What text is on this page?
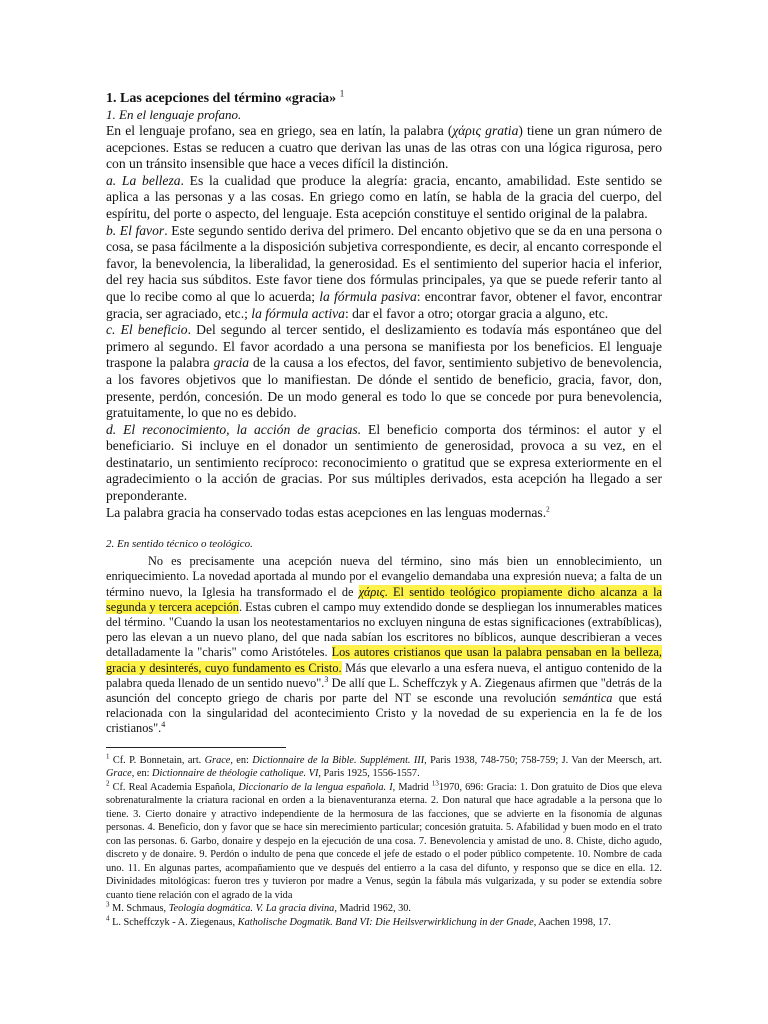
1. Las acepciones del término «gracia» $^1$

1. En el lenguaje profano.

En el lenguaje profano, sea en griego, sea en latín, la palabra (χάρις gratia) tiene un gran número de acepciones. Estas se reducen a cuatro que derivan las unas de las otras con una lógica rigurosa, pero con un tránsito insensible que hace a veces difícil la distinción.

a. La belleza. Es la cualidad que produce la alegría: gracia, encanto, amabilidad. Este sentido se aplica a las personas y a las cosas. En griego como en latín, se habla de la gracia del cuerpo, del espíritu, del porte o aspecto, del lenguaje. Esta acepción constituye el sentido original de la palabra.

b. El favor. Este segundo sentido deriva del primero. Del encanto objetivo que se da en una persona o cosa, se pasa fácilmente a la disposición subjetiva correspondiente, es decir, al encanto corresponde el favor, la benevolencia, la liberalidad, la generosidad. Es el sentimiento del superior hacia el inferior, del rey hacia sus súbditos. Este favor tiene dos fórmulas principales, ya que se puede referir tanto al que lo recibe como al que lo acuerda; la fórmula pasiva: encontrar favor, obtener el favor, encontrar gracia, ser agraciado, etc.; la fórmula activa: dar el favor a otro; otorgar gracia a alguno, etc.

c. El beneficio. Del segundo al tercer sentido, el deslizamiento es todavía más espontáneo que del primero al segundo. El favor acordado a una persona se manifiesta por los beneficios. El lenguaje traspone la palabra gracia de la causa a los efectos, del favor, sentimiento subjetivo de benevolencia, a los favores objetivos que lo manifiestan. De dónde el sentido de beneficio, gracia, favor, don, presente, perdón, concesión. De un modo general es todo lo que se concede por pura benevolencia, gratuitamente, lo que no es debido.

d. El reconocimiento, la acción de gracias. El beneficio comporta dos términos: el autor y el beneficiario. Si incluye en el donador un sentimiento de generosidad, provoca a su vez, en el destinatario, un sentimiento recíproco: reconocimiento o gratitud que se expresa exteriormente en el agradecimiento o la acción de gracias. Por sus múltiples derivados, esta acepción ha llegado a ser preponderante.

La palabra gracia ha conservado todas estas acepciones en las lenguas modernas.$^2$

2. En sentido técnico o teológico.

No es precisamente una acepción nueva del término, sino más bien un ennoblecimiento, un enriquecimiento. La novedad aportada al mundo por el evangelio demandaba una expresión nueva; a falta de un término nuevo, la Iglesia ha transformado el de χάρις. El sentido teológico propiamente dicho alcanza a la segunda y tercera acepción. Estas cubren el campo muy extendido donde se despliegan los innumerables matices del término. "Cuando la usan los neotestamentarios no excluyen ninguna de estas significaciones (extrabíblicas), pero las elevan a un nuevo plano, del que nada sabían los escritores no bíblicos, aunque describieran a veces detalladamente la "charis" como Aristóteles. Los autores cristianos que usan la palabra pensaban en la belleza, gracia y desinterés, cuyo fundamento es Cristo. Más que elevarlo a una esfera nueva, el antiguo contenido de la palabra queda llenado de un sentido nuevo".$^3$ De allí que L. Scheffczyk y A. Ziegenaus afirmen que "detrás de la asunción del concepto griego de charis por parte del NT se esconde una revolución semántica que está relacionada con la singularidad del acontecimiento Cristo y la novedad de su experiencia en la fe de los cristianos".$^4$

$^1$ Cf. P. Bonnetain, art. Grace, en: Dictionnaire de la Bible. Supplément. III, Paris 1938, 748-750; 758-759; J. Van der Meersch, art. Grace, en: Dictionnaire de théologie catholique. VI, Paris 1925, 1556-1557.

$^2$ Cf. Real Academia Española, Diccionario de la lengua española. I, Madrid $^{13}$1970, 696: Gracia: 1. Don gratuito de Dios que eleva sobrenaturalmente la criatura racional en orden a la bienaventuranza eterna. 2. Don natural que hace agradable a la persona que lo tiene. 3. Cierto donaire y atractivo independiente de la hermosura de las facciones, que se advierte en la fisonomía de algunas personas. 4. Beneficio, don y favor que se hace sin merecimiento particular; concesión gratuita. 5. Afabilidad y buen modo en el trato con las personas. 6. Garbo, donaire y despejo en la ejecución de una cosa. 7. Benevolencia y amistad de uno. 8. Chiste, dicho agudo, discreto y de donaire. 9. Perdón o indulto de pena que concede el jefe de estado o el poder público competente. 10. Nombre de cada uno. 11. En algunas partes, acompañamiento que ve después del entierro a la casa del difunto, y responso que se dice en ella. 12. Divinidades mitológicas: fueron tres y tuvieron por madre a Venus, según la fábula más vulgarizada, y su poder se extendía sobre cuanto tiene relación con el agrado de la vida

$^3$ M. Schmaus, Teología dogmática. V. La gracia divina, Madrid 1962, 30.

$^4$ L. Scheffczyk - A. Ziegenaus, Katholische Dogmatik. Band VI: Die Heilsverwirklichung in der Gnade, Aachen 1998, 17.
